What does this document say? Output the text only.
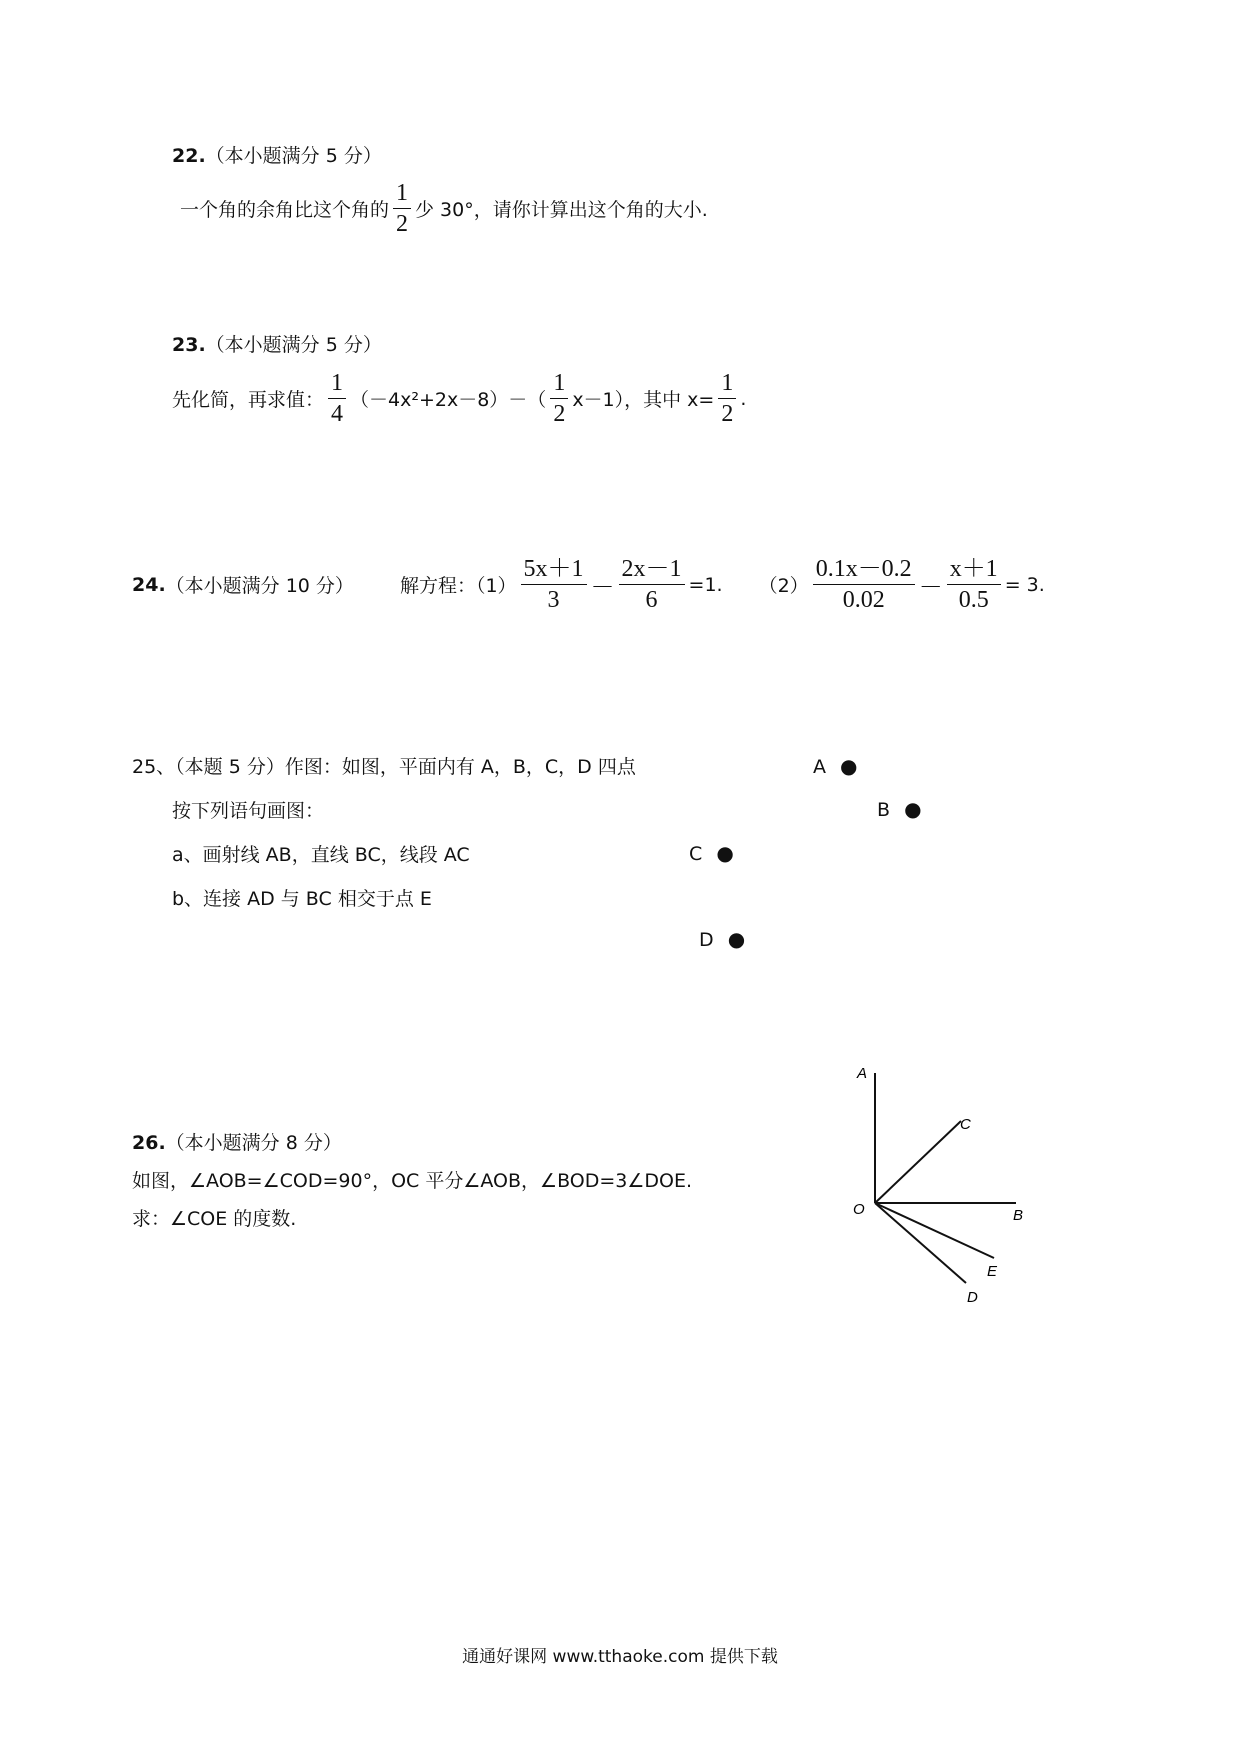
22.（本小题满分 5 分）
一个角的余角比这个角的 $\frac{1}{2}$ 少 30°，请你计算出这个角的大小.
23.（本小题满分 5 分）
先化简，再求值： $\frac{1}{4} (-4x^2+2x-8)-( \frac{1}{2} x-1)$，其中 $x= \frac{1}{2}$ .
24. （本小题满分 10 分） 解方程：$(1) \frac{5x+1}{3} - \frac{2x-1}{6} =1$. $(2) \frac{0.1x-0.2}{0.02} - \frac{x+1}{0.5} = 3$.
25、（本题 5 分）作图：如图，平面内有 A，B，C，D 四点
按下列语句画图：
a、画射线 AB，直线 BC，线段 AC
b、连接 AD 与 BC 相交于点 E
A ●
B ●
C ●
D ●
26.（本小题满分 8 分）
如图，∠AOB=∠COD=90°，OC 平分∠AOB，∠BOD=3∠DOE.
求：∠COE 的度数.
A
C
O	B
E
D
通通好课网 www.tthaoke.com 提供下载
